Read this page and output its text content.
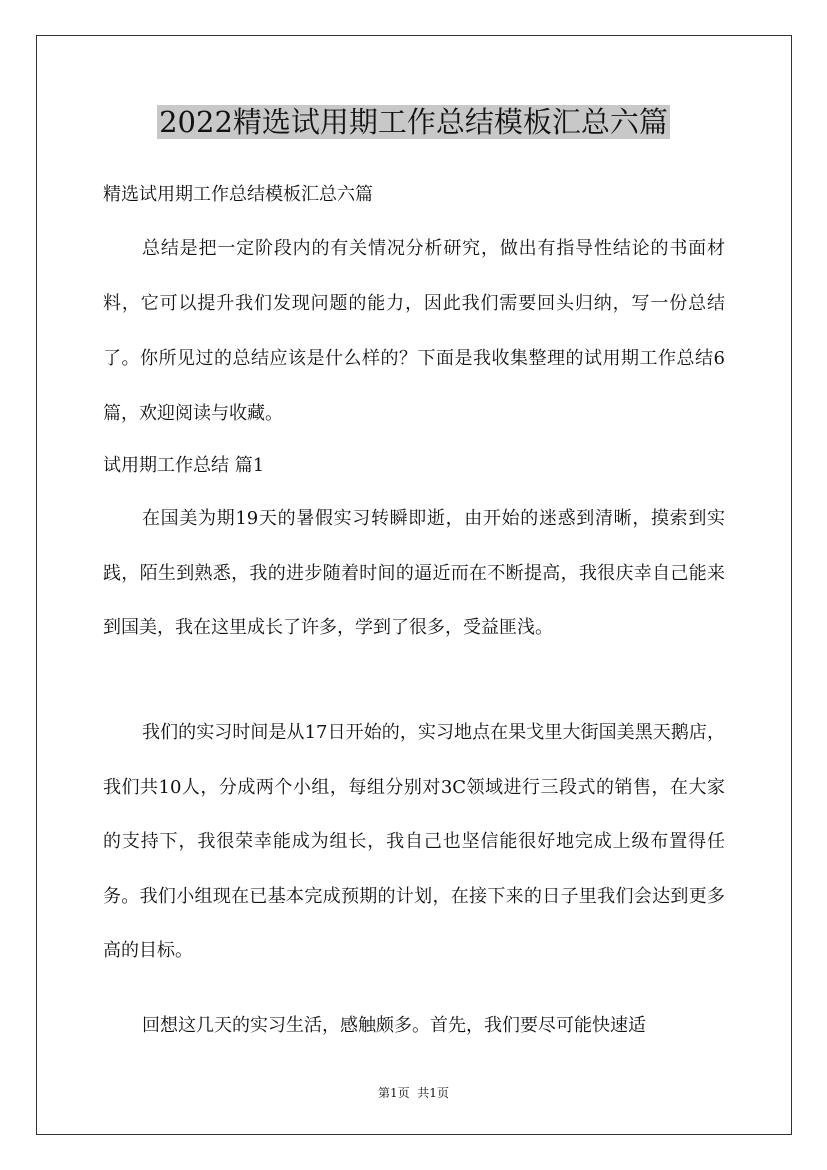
2022精选试用期工作总结模板汇总六篇

精选试用期工作总结模板汇总六篇

总结是把一定阶段内的有关情况分析研究，做出有指导性结论的书面材料，它可以提升我们发现问题的能力，因此我们需要回头归纳，写一份总结了。你所见过的总结应该是什么样的？下面是我收集整理的试用期工作总结6篇，欢迎阅读与收藏。

试用期工作总结 篇1

在国美为期19天的暑假实习转瞬即逝，由开始的迷惑到清晰，摸索到实践，陌生到熟悉，我的进步随着时间的逼近而在不断提高，我很庆幸自己能来到国美，我在这里成长了许多，学到了很多，受益匪浅。

我们的实习时间是从17日开始的，实习地点在果戈里大街国美黑天鹅店，我们共10人，分成两个小组，每组分别对3C领域进行三段式的销售，在大家的支持下，我很荣幸能成为组长，我自己也坚信能很好地完成上级布置得任务。我们小组现在已基本完成预期的计划，在接下来的日子里我们会达到更多高的目标。

回想这几天的实习生活，感触颇多。首先，我们要尽可能快速适

第1页  共1页
